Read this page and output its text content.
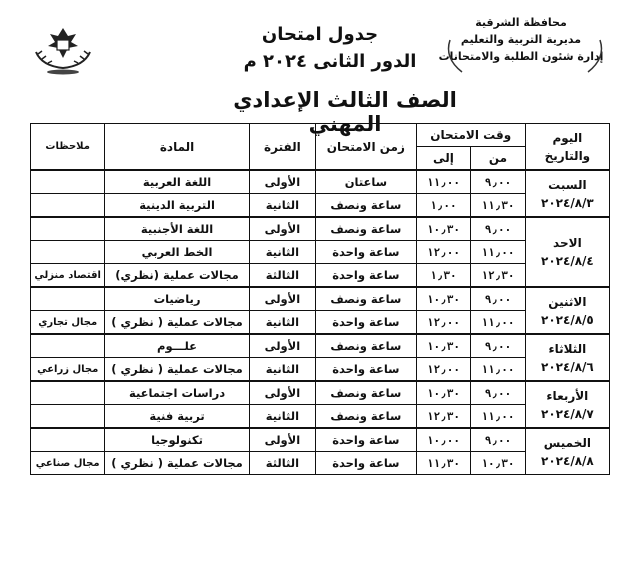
جدول امتحان
الدور الثانى ٢٠٢٤ م
محافظة الشرقية
مديرية التربية والتعليم
إدارة شئون الطلبة والامتحانات
الصف الثالث الإعدادي المهني
اليوم والتاريخ	وقت الامتحان		زمن الامتحان	الفترة	المادة	ملاحظات
	من	إلى				

السبت
٢٠٢٤/٨/٣	٩٫٠٠	١١٫٠٠	ساعتان	الأولى	اللغة العربية	
	١١٫٣٠	١٫٠٠	ساعة ونصف	الثانية	التربية الدينية	

الاحد
٢٠٢٤/٨/٤	٩٫٠٠	١٠٫٣٠	ساعة ونصف	الأولى	اللغة الأجنبية	
	١١٫٠٠	١٢٫٠٠	ساعة واحدة	الثانية	الخط العربي	
	١٢٫٣٠	١٫٣٠	ساعة واحدة	الثالثة	مجالات عملية (نظري)	اقتصاد منزلي

الاثنين
٢٠٢٤/٨/٥	٩٫٠٠	١٠٫٣٠	ساعة ونصف	الأولى	رياضيات	
	١١٫٠٠	١٢٫٠٠	ساعة واحدة	الثانية	مجالات عملية ( نظري )	مجال تجاري

الثلاثاء
٢٠٢٤/٨/٦	٩٫٠٠	١٠٫٣٠	ساعة ونصف	الأولى	علـــوم	
	١١٫٠٠	١٢٫٠٠	ساعة واحدة	الثانية	مجالات عملية ( نظري )	مجال زراعي

الأربعاء
٢٠٢٤/٨/٧	٩٫٠٠	١٠٫٣٠	ساعة ونصف	الأولى	دراسات اجتماعية	
	١١٫٠٠	١٢٫٣٠	ساعة ونصف	الثانية	تربية فنية	

الخميس
٢٠٢٤/٨/٨	٩٫٠٠	١٠٫٠٠	ساعة واحدة	الأولى	تكنولوجيا	
	١٠٫٣٠	١١٫٣٠	ساعة واحدة	الثالثة	مجالات عملية ( نظري )	مجال صناعي
